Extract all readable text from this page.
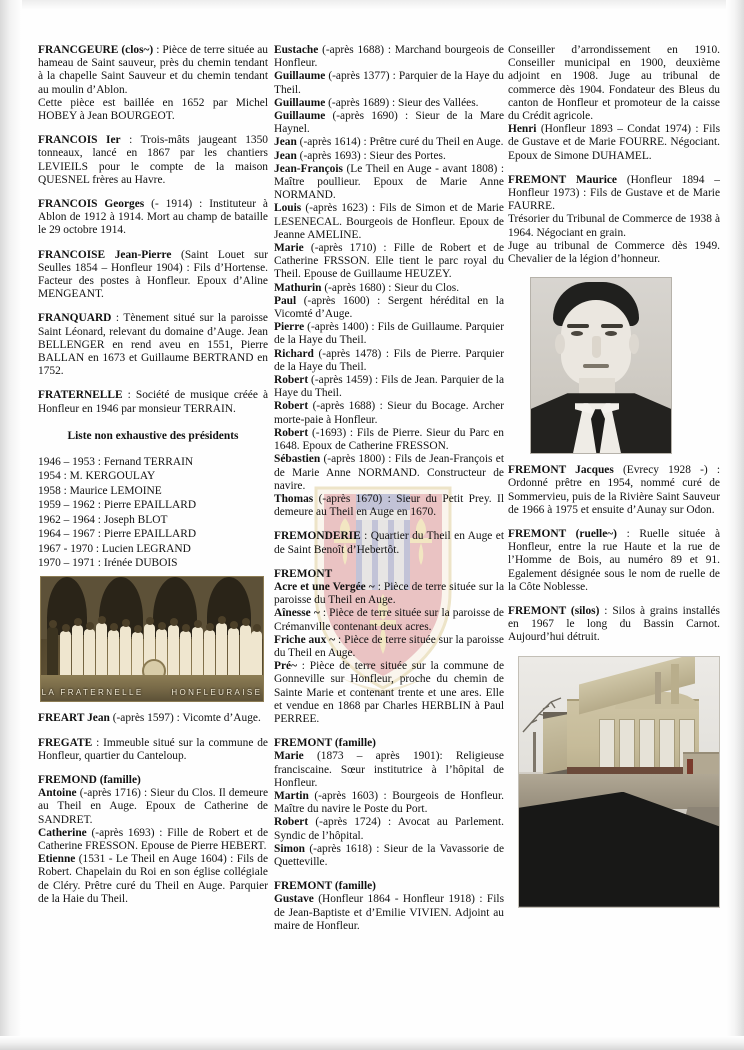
FRANCGEURE (clos~) : Pièce de terre située au hameau de Saint sauveur, près du chemin tendant à la chapelle Saint Sauveur et du chemin tendant au moulin d’Ablon.

Cette pièce est baillée en 1652 par Michel HOBEY à Jean BOURGEOT.

FRANCOIS Ier : Trois-mâts jaugeant 1350 tonneaux, lancé en 1867 par les chantiers LEVIEILS pour le compte de la maison QUESNEL frères au Havre.

FRANCOIS Georges (- 1914) : Instituteur à Ablon de 1912 à 1914. Mort au champ de bataille le 29 octobre 1914.

FRANCOISE Jean-Pierre (Saint Louet sur Seulles 1854 – Honfleur 1904) : Fils d’Hortense. Facteur des postes à Honfleur. Epoux d’Aline MENGEANT.

FRANQUARD : Tènement situé sur la paroisse Saint Léonard, relevant du domaine d’Auge. Jean BELLENGER en rend aveu en 1551, Pierre BALLAN en 1673 et Guillaume BERTRAND en 1752.

FRATERNELLE : Société de musique créée à Honfleur en 1946 par monsieur TERRAIN.

Liste non exhaustive des présidents

1946 – 1953 : Fernand TERRAIN

1954 : M. KERGOULAY

1958 : Maurice LEMOINE

1959 – 1962 : Pierre EPAILLARD

1962 – 1964 : Joseph BLOT

1964 – 1967 : Pierre EPAILLARD

1967 - 1970 : Lucien LEGRAND

1970 – 1971 : Irénée DUBOIS

LA FRATERNELLE	HONFLEURAISE

FREART Jean (-après 1597) : Vicomte d’Auge.

FREGATE : Immeuble situé sur la commune de Honfleur, quartier du Canteloup.

FREMOND (famille)

Antoine (-après 1716) : Sieur du Clos. Il demeure au Theil en Auge. Epoux de Catherine de SANDRET.

Catherine (-après 1693) : Fille de Robert et de Catherine FRESSON. Epouse de Pierre HEBERT.

Etienne (1531 - Le Theil en Auge 1604) : Fils de Robert. Chapelain du Roi en son église collégiale de Cléry. Prêtre curé du Theil en Auge. Parquier de la Haie du Theil.

Eustache (-après 1688) : Marchand bourgeois de Honfleur.

Guillaume (-après 1377) : Parquier de la Haye du Theil.

Guillaume (-après 1689) : Sieur des Vallées.

Guillaume (-après 1690) : Sieur de la Mare Haynel.

Jean (-après 1614) : Prêtre curé du Theil en Auge.

Jean (-après 1693) : Sieur des Portes.

Jean-François (Le Theil en Auge - avant 1808) : Maître poullieur. Epoux de Marie Anne NORMAND.

Louis (-après 1623) : Fils de Simon et de Marie LESENECAL. Bourgeois de Honfleur. Epoux de Jeanne AMELINE.

Marie (-après 1710) : Fille de Robert et de Catherine FRSSON. Elle tient le parc royal du Theil. Epouse de Guillaume HEUZEY.

Mathurin (-après 1680) : Sieur du Clos.

Paul (-après 1600) : Sergent hérédital en la Vicomté d’Auge.

Pierre (-après 1400) : Fils de Guillaume. Parquier de la Haye du Theil.

Richard (-après 1478) : Fils de Pierre. Parquier de la Haye du Theil.

Robert (-après 1459) : Fils de Jean. Parquier de la Haye du Theil.

Robert (-après 1688) : Sieur du Bocage. Archer morte-paie à Honfleur.

Robert (-1693) : Fils de Pierre. Sieur du Parc en 1648. Epoux de Catherine FRESSON.

Sébastien (-après 1800) : Fils de Jean-François et de Marie Anne NORMAND. Constructeur de navire.

Thomas (-après 1670) : Sieur du Petit Prey. Il demeure au Theil en Auge en 1670.

FREMONDERIE : Quartier du Theil en Auge et de Saint Benoît d’Hebertôt.

FREMONT

Acre et une Vergée ~ : Pièce de terre située sur la paroisse du Theil en Auge.

Aînesse ~ : Pièce de terre située sur la paroisse de Crémanville contenant deux acres.

Friche aux ~ : Pièce de terre située sur la paroisse du Theil en Auge.

Pré~ : Pièce de terre située sur la commune de Gonneville sur Honfleur, proche du chemin de Sainte Marie et contenant trente et une ares. Elle et vendue en 1868 par Charles HERBLIN à Paul PERREE.

FREMONT (famille)

Marie (1873 – après 1901): Religieuse franciscaine. Sœur institutrice à l’hôpital de Honfleur.

Martin (-après 1603) : Bourgeois de Honfleur. Maître du navire le Poste du Port.

Robert (-après 1724) : Avocat au Parlement. Syndic de l’hôpital.

Simon (-après 1618) : Sieur de la Vavassorie de Quetteville.

FREMONT (famille)

Gustave (Honfleur 1864 - Honfleur 1918) : Fils de Jean-Baptiste et d’Emilie VIVIEN. Adjoint au maire de Honfleur.

Conseiller d’arrondissement en 1910. Conseiller municipal en 1900, deuxième adjoint en 1908. Juge au tribunal de commerce dès 1904. Fondateur des Bleus du canton de Honfleur et promoteur de la caisse du Crédit agricole.

Henri (Honfleur 1893 – Condat 1974) : Fils de Gustave et de Marie FOURRE. Négociant. Epoux de Simone DUHAMEL.

FREMONT Maurice (Honfleur 1894 – Honfleur 1973) : Fils de Gustave et de Marie FAURRE.

Trésorier du Tribunal de Commerce de 1938 à 1964. Négociant en grain.

Juge au tribunal de Commerce dès 1949. Chevalier de la légion d’honneur.

FREMONT Jacques (Evrecy 1928 -) : Ordonné prêtre en 1954, nommé curé de Sommervieu, puis de la Rivière Saint Sauveur de 1966 à 1975 et ensuite d’Aunay sur Odon.

FREMONT (ruelle~) : Ruelle située à Honfleur, entre la rue Haute et la rue de l’Homme de Bois, au numéro 89 et 91. Egalement désignée sous le nom de ruelle de la Côte Noblesse.

FREMONT (silos) : Silos à grains installés en 1967 le long du Bassin Carnot. Aujourd’hui détruit.
